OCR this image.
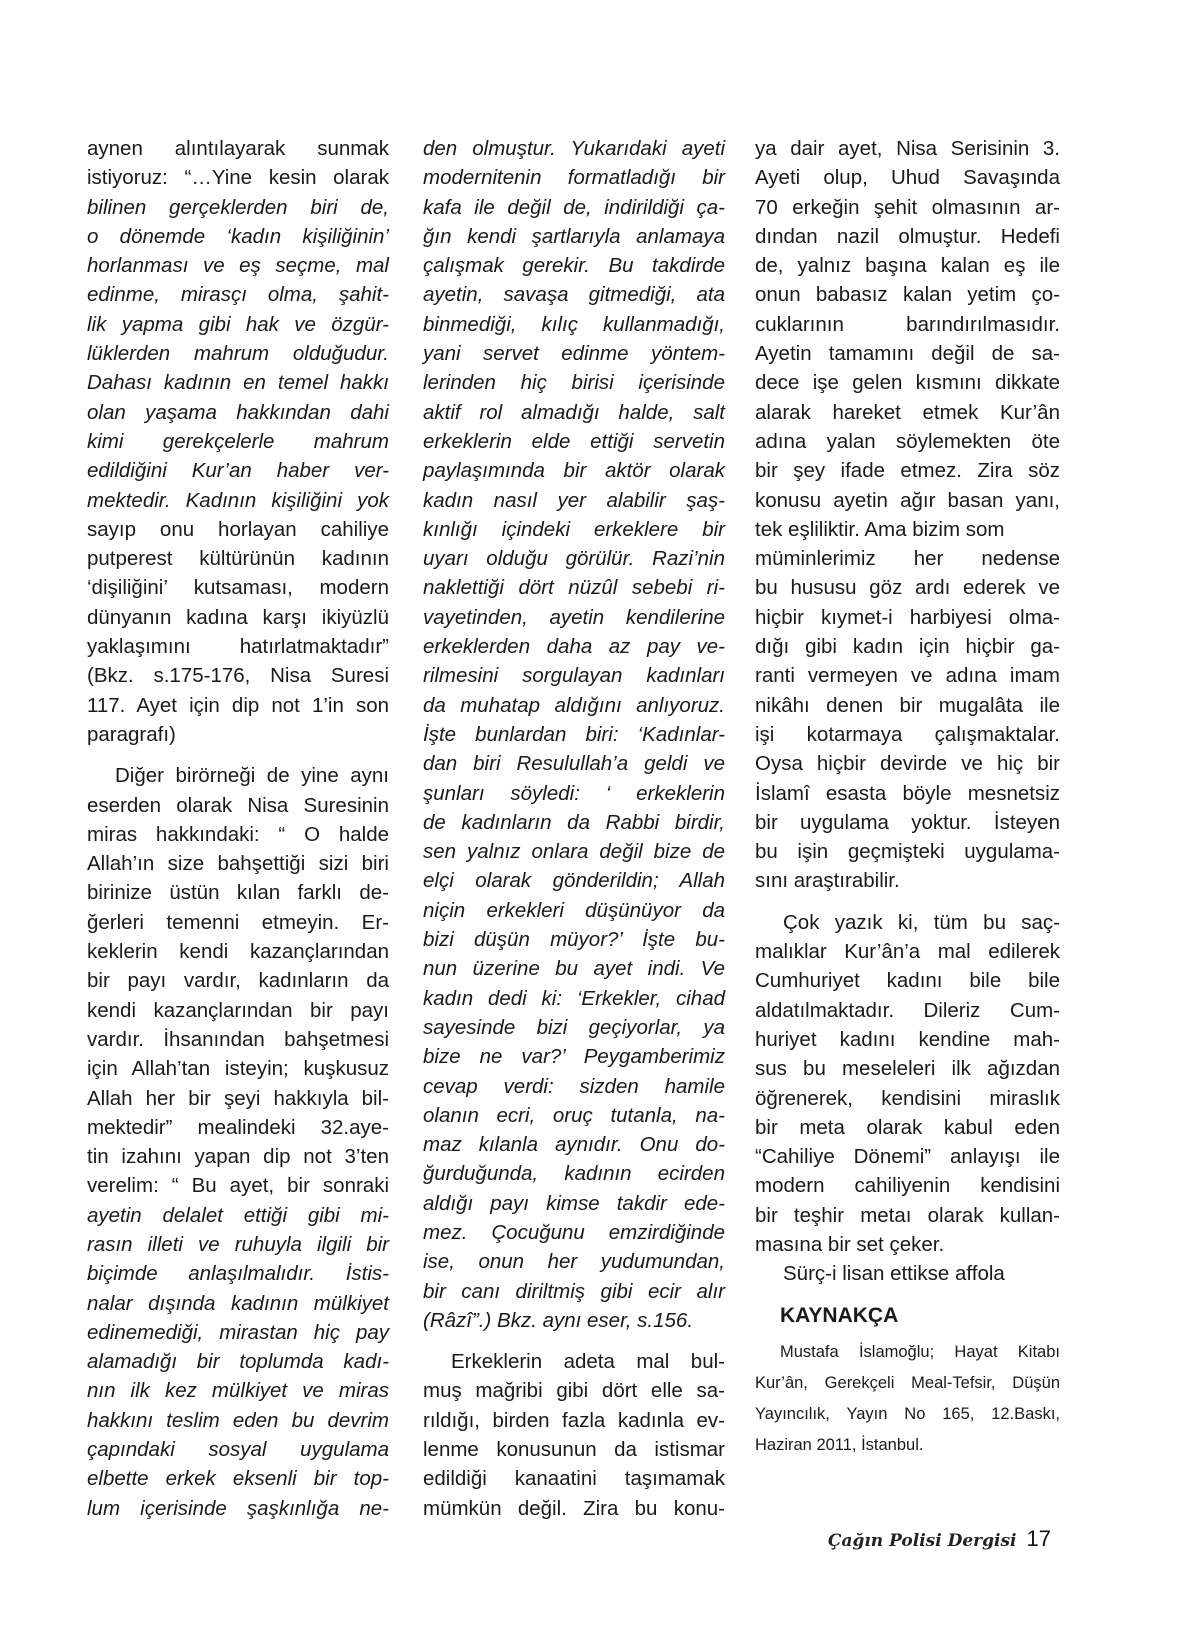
aynen alıntılayarak sunmak
istiyoruz: “…Yine kesin olarak
bilinen gerçeklerden biri de,
o dönemde ‘kadın kişiliğinin’
horlanması ve eş seçme, mal
edinme, mirasçı olma, şahit-
lik yapma gibi hak ve özgür-
lüklerden mahrum olduğudur.
Dahası kadının en temel hakkı
olan yaşama hakkından dahi
kimi gerekçelerle mahrum
edildiğini Kur’an haber ver-
mektedir. Kadının kişiliğini yok
sayıp onu horlayan cahiliye
putperest kültürünün kadının
‘dişiliğini’ kutsaması, modern
dünyanın kadına karşı ikiyüzlü
yaklaşımını hatırlatmaktadır”
(Bkz. s.175-176, Nisa Suresi
117. Ayet için dip not 1’in son
paragrafı)
Diğer birörneği de yine aynı
eserden olarak Nisa Suresinin
miras hakkındaki: “ O halde
Allah’ın size bahşettiği sizi biri
birinize üstün kılan farklı de-
ğerleri temenni etmeyin. Er-
keklerin kendi kazançlarından
bir payı vardır, kadınların da
kendi kazançlarından bir payı
vardır. İhsanından bahşetmesi
için Allah’tan isteyin; kuşkusuz
Allah her bir şeyi hakkıyla bil-
mektedir” mealindeki 32.aye-
tin izahını yapan dip not 3’ten
verelim: “ Bu ayet, bir sonraki
ayetin delalet ettiği gibi mi-
rasın illeti ve ruhuyla ilgili bir
biçimde anlaşılmalıdır. İstis-
nalar dışında kadının mülkiyet
edinemediği, mirastan hiç pay
alamadığı bir toplumda kadı-
nın ilk kez mülkiyet ve miras
hakkını teslim eden bu devrim
çapındaki sosyal uygulama
elbette erkek eksenli bir top-
lum içerisinde şaşkınlığa ne-
den olmuştur. Yukarıdaki ayeti
modernitenin formatladığı bir
kafa ile değil de, indirildiği ça-
ğın kendi şartlarıyla anlamaya
çalışmak gerekir. Bu takdirde
ayetin, savaşa gitmediği, ata
binmediği, kılıç kullanmadığı,
yani servet edinme yöntem-
lerinden hiç birisi içerisinde
aktif rol almadığı halde, salt
erkeklerin elde ettiği servetin
paylaşımında bir aktör olarak
kadın nasıl yer alabilir şaş-
kınlığı içindeki erkeklere bir
uyarı olduğu görülür. Razi’nin
naklettiği dört nüzûl sebebi ri-
vayetinden, ayetin kendilerine
erkeklerden daha az pay ve-
rilmesini sorgulayan kadınları
da muhatap aldığını anlıyoruz.
İşte bunlardan biri: ‘Kadınlar-
dan biri Resulullah’a geldi ve
şunları söyledi: ‘ erkeklerin
de kadınların da Rabbi birdir,
sen yalnız onlara değil bize de
elçi olarak gönderildin; Allah
niçin erkekleri düşünüyor da
bizi düşün müyor?’ İşte bu-
nun üzerine bu ayet indi. Ve
kadın dedi ki: ‘Erkekler, cihad
sayesinde bizi geçiyorlar, ya
bize ne var?’ Peygamberimiz
cevap verdi: sizden hamile
olanın ecri, oruç tutanla, na-
maz kılanla aynıdır. Onu do-
ğurduğunda, kadının ecirden
aldığı payı kimse takdir ede-
mez. Çocuğunu emzirdiğinde
ise, onun her yudumundan,
bir canı diriltmiş gibi ecir alır
(Râzî”.) Bkz. aynı eser, s.156.
Erkeklerin adeta mal bul-
muş mağribi gibi dört elle sa-
rıldığı, birden fazla kadınla ev-
lenme konusunun da istismar
edildiği kanaatini taşımamak
mümkün değil. Zira bu konu-
ya dair ayet, Nisa Serisinin 3.
Ayeti olup, Uhud Savaşında
70 erkeğin şehit olmasının ar-
dından nazil olmuştur. Hedefi
de, yalnız başına kalan eş ile
onun babasız kalan yetim ço-
cuklarının barındırılmasıdır.
Ayetin tamamını değil de sa-
dece işe gelen kısmını dikkate
alarak hareket etmek Kur’ân
adına yalan söylemekten öte
bir şey ifade etmez. Zira söz
konusu ayetin ağır basan yanı,
tek eşliliktir. Ama bizim som
müminlerimiz her nedense
bu hususu göz ardı ederek ve
hiçbir kıymet-i harbiyesi olma-
dığı gibi kadın için hiçbir ga-
ranti vermeyen ve adına imam
nikâhı denen bir mugalâta ile
işi kotarmaya çalışmaktalar.
Oysa hiçbir devirde ve hiç bir
İslamî esasta böyle mesnetsiz
bir uygulama yoktur. İsteyen
bu işin geçmişteki uygulama-
sını araştırabilir.
Çok yazık ki, tüm bu saç-
malıklar Kur’ân’a mal edilerek
Cumhuriyet kadını bile bile
aldatılmaktadır. Dileriz Cum-
huriyet kadını kendine mah-
sus bu meseleleri ilk ağızdan
öğrenerek, kendisini miraslık
bir meta olarak kabul eden
“Cahiliye Dönemi” anlayışı ile
modern cahiliyenin kendisini
bir teşhir metaı olarak kullan-
masına bir set çeker.
Sürç-i lisan ettikse affola
KAYNAKÇA
Mustafa İslamoğlu; Hayat Kitabı
Kur’ân, Gerekçeli Meal-Tefsir, Düşün
Yayıncılık, Yayın No 165, 12.Baskı,
Haziran 2011, İstanbul.
Çağın Polisi Dergisi 17
